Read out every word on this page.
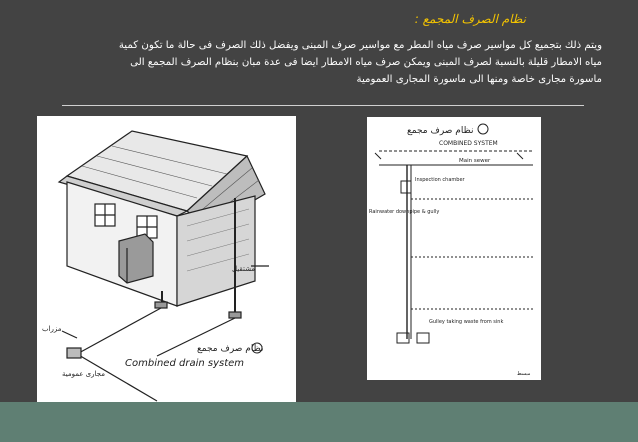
نظام الصرف المجمع :
ويتم ذلك بتجميع كل مواسير صرف مياه المطر مع مواسير صرف المبنى ويفضل ذلك الصرف فى حالة ما تكون كمية
مياه الامطار قليلة بالنسبة لصرف المبنى ويمكن صرف مياه الامطار ايضا فى عدة مبان بنظام الصرف المجمع الى
ماسورة مجارى خاصة ومنها الى ماسورة المجارى العمومية
مشتقيل
مزراب
مجارى عمومية
نظام صرف مجمع
Combined drain system
نظام صرف مجمع
COMBINED SYSTEM
Main sewer
Inspection chamber
Rainwater downpipe & gully
Gulley taking waste from sink
مبسط
